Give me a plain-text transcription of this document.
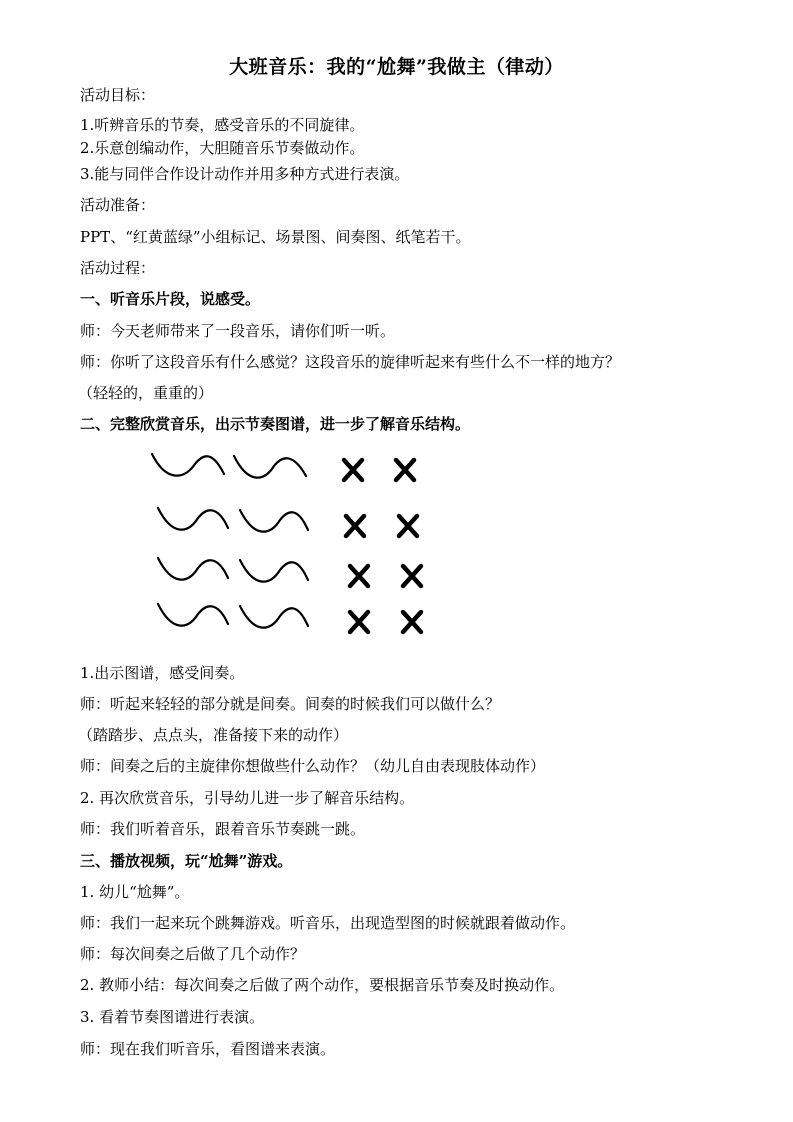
大班音乐：我的“尬舞”我做主（律动）
活动目标：
1.听辨音乐的节奏，感受音乐的不同旋律。
2.乐意创编动作，大胆随音乐节奏做动作。
3.能与同伴合作设计动作并用多种方式进行表演。
活动准备：
PPT、“红黄蓝绿”小组标记、场景图、间奏图、纸笔若干。
活动过程：
一、听音乐片段，说感受。
师：今天老师带来了一段音乐，请你们听一听。
师：你听了这段音乐有什么感觉？这段音乐的旋律听起来有些什么不一样的地方？
（轻轻的，重重的）
二、完整欣赏音乐，出示节奏图谱，进一步了解音乐结构。
1.出示图谱，感受间奏。
师：听起来轻轻的部分就是间奏。间奏的时候我们可以做什么？
（踏踏步、点点头，准备接下来的动作）
师：间奏之后的主旋律你想做些什么动作？（幼儿自由表现肢体动作）
2. 再次欣赏音乐，引导幼儿进一步了解音乐结构。
师：我们听着音乐，跟着音乐节奏跳一跳。
三、播放视频，玩“尬舞”游戏。
1. 幼儿“尬舞”。
师：我们一起来玩个跳舞游戏。听音乐，出现造型图的时候就跟着做动作。
师：每次间奏之后做了几个动作？
2. 教师小结：每次间奏之后做了两个动作，要根据音乐节奏及时换动作。
3. 看着节奏图谱进行表演。
师：现在我们听音乐，看图谱来表演。
